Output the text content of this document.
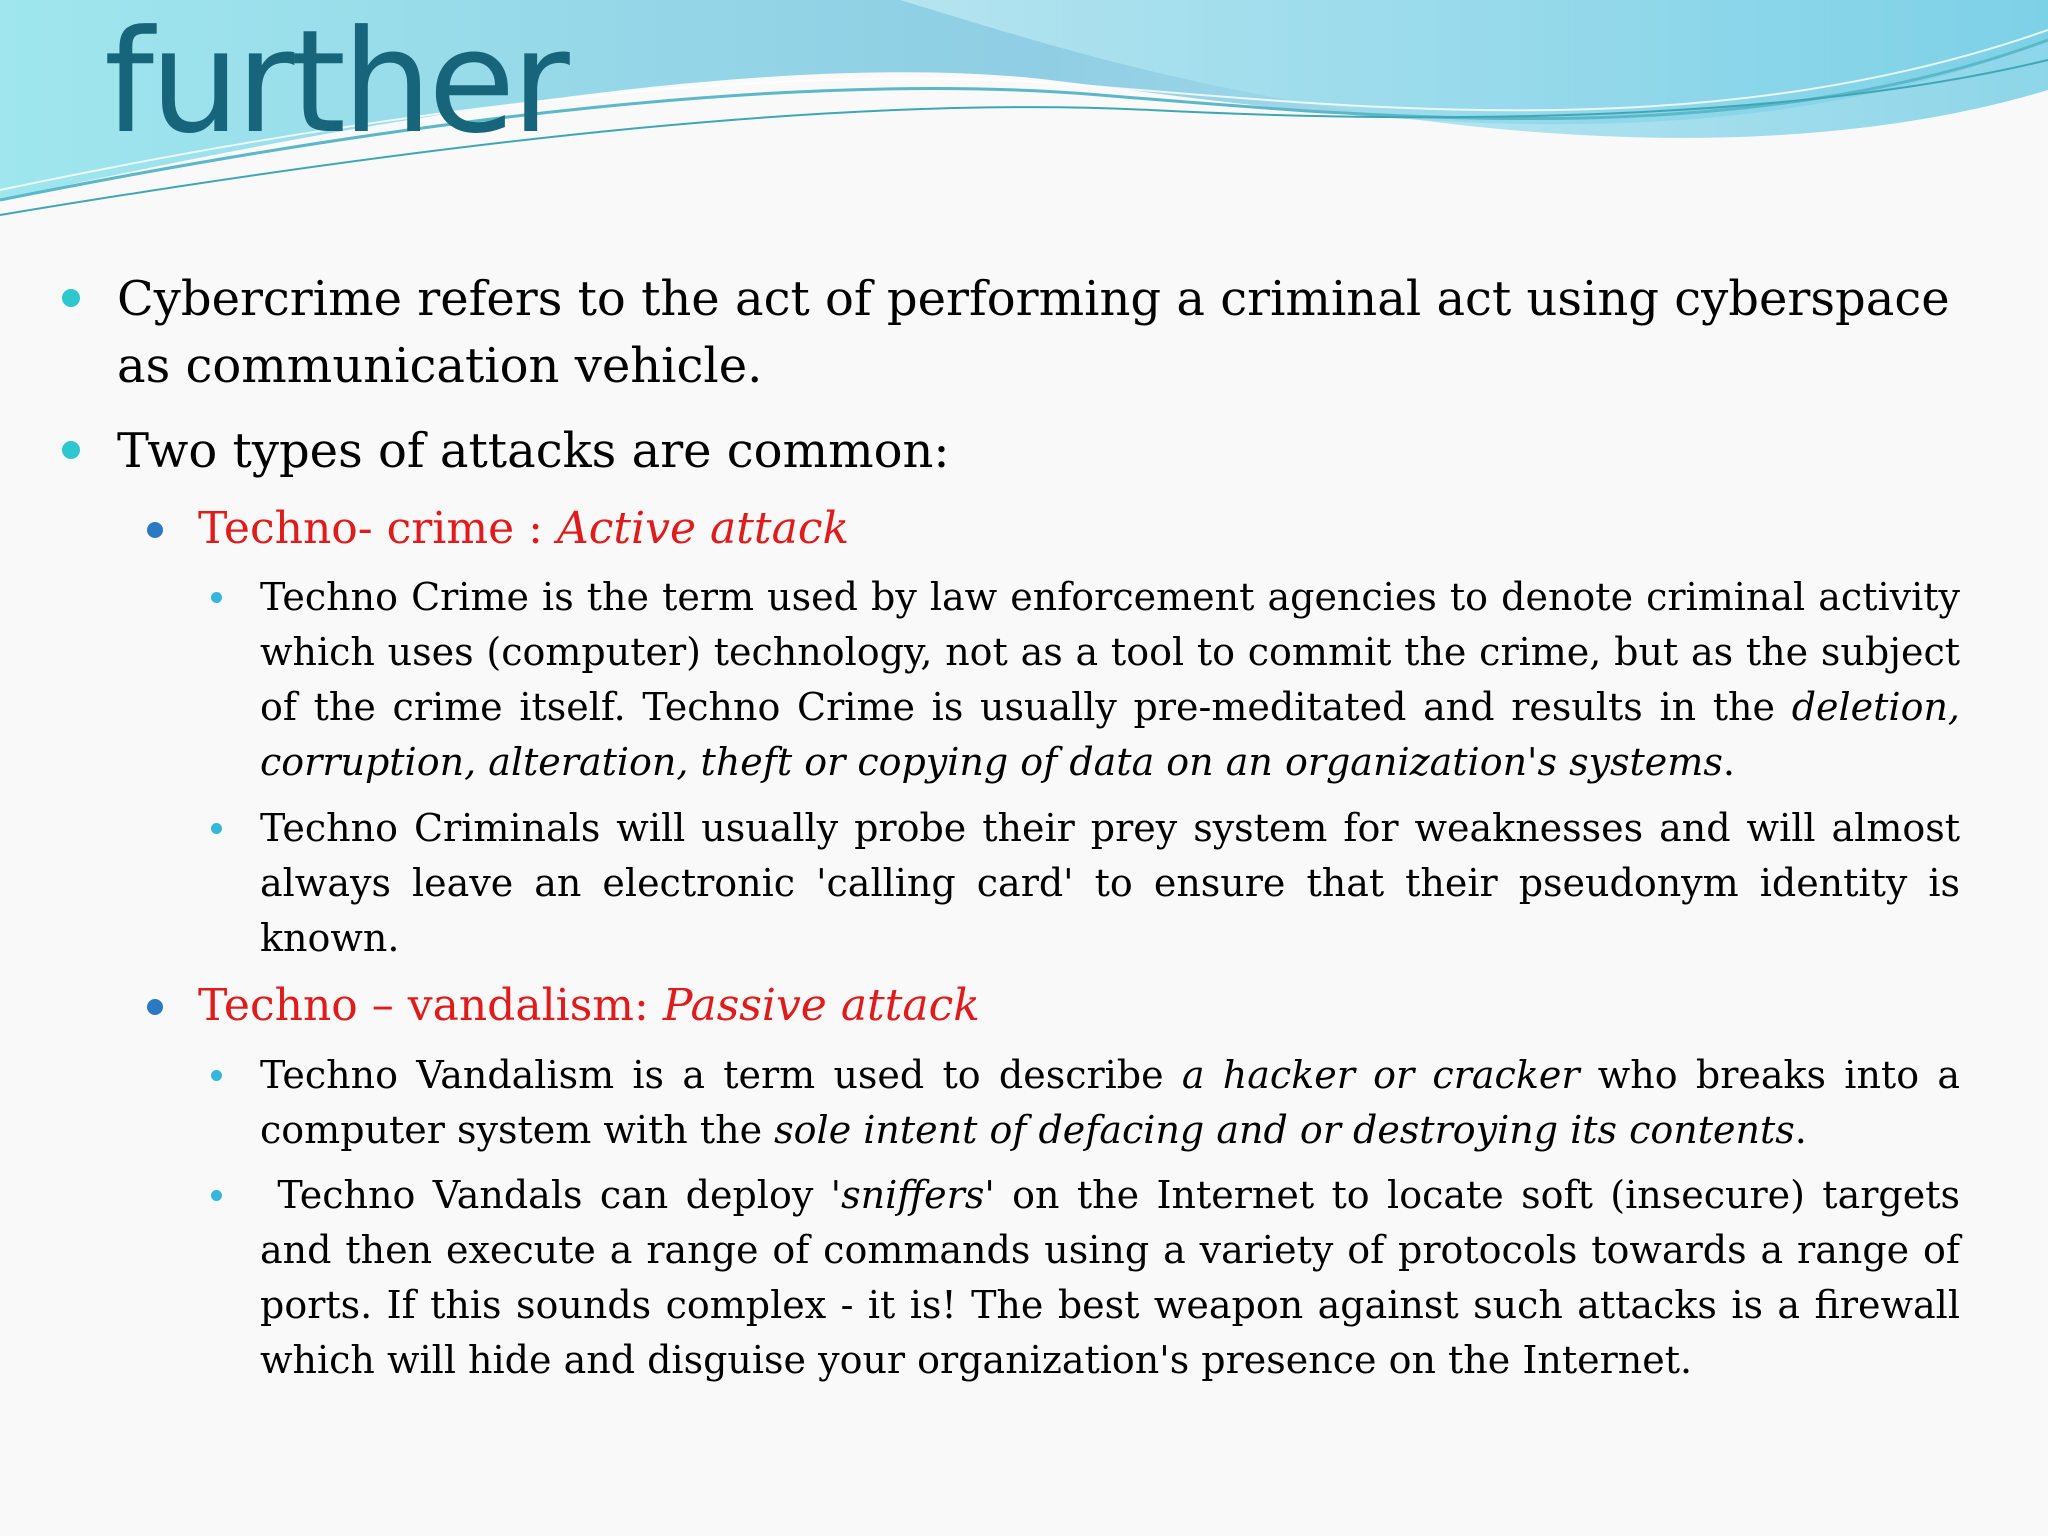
further
Cybercrime refers to the act of performing a criminal act using cyberspace as communication vehicle.
Two types of attacks are common:
Techno- crime : Active attack
Techno Crime is the term used by law enforcement agencies to denote criminal activity which uses (computer) technology, not as a tool to commit the crime, but as the subject of the crime itself. Techno Crime is usually pre-meditated and results in the deletion, corruption, alteration, theft or copying of data on an organization's systems.
Techno Criminals will usually probe their prey system for weaknesses and will almost always leave an electronic 'calling card' to ensure that their pseudonym identity is known.
Techno – vandalism: Passive attack
Techno Vandalism is a term used to describe a hacker or cracker who breaks into a computer system with the sole intent of defacing and or destroying its contents.
Techno Vandals can deploy 'sniffers' on the Internet to locate soft (insecure) targets and then execute a range of commands using a variety of protocols towards a range of ports. If this sounds complex - it is! The best weapon against such attacks is a firewall which will hide and disguise your organization's presence on the Internet.
